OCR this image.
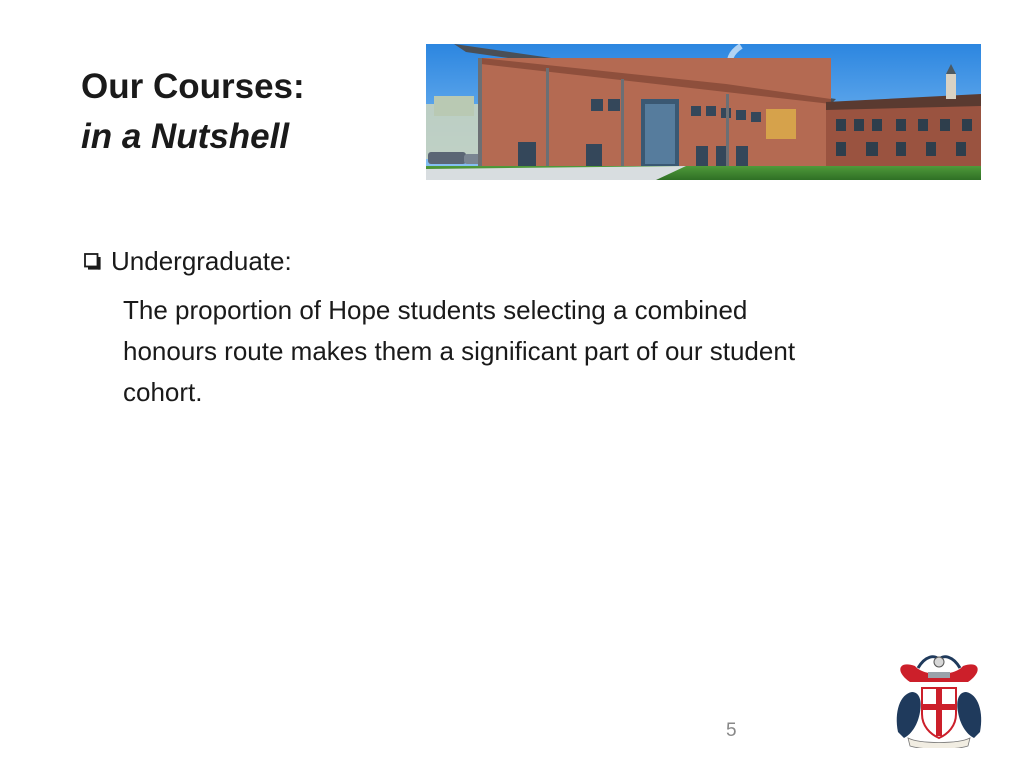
Our Courses:
in a Nutshell
Undergraduate:
The proportion of Hope students selecting a combined
honours route makes them a significant part of our student
cohort.
5
